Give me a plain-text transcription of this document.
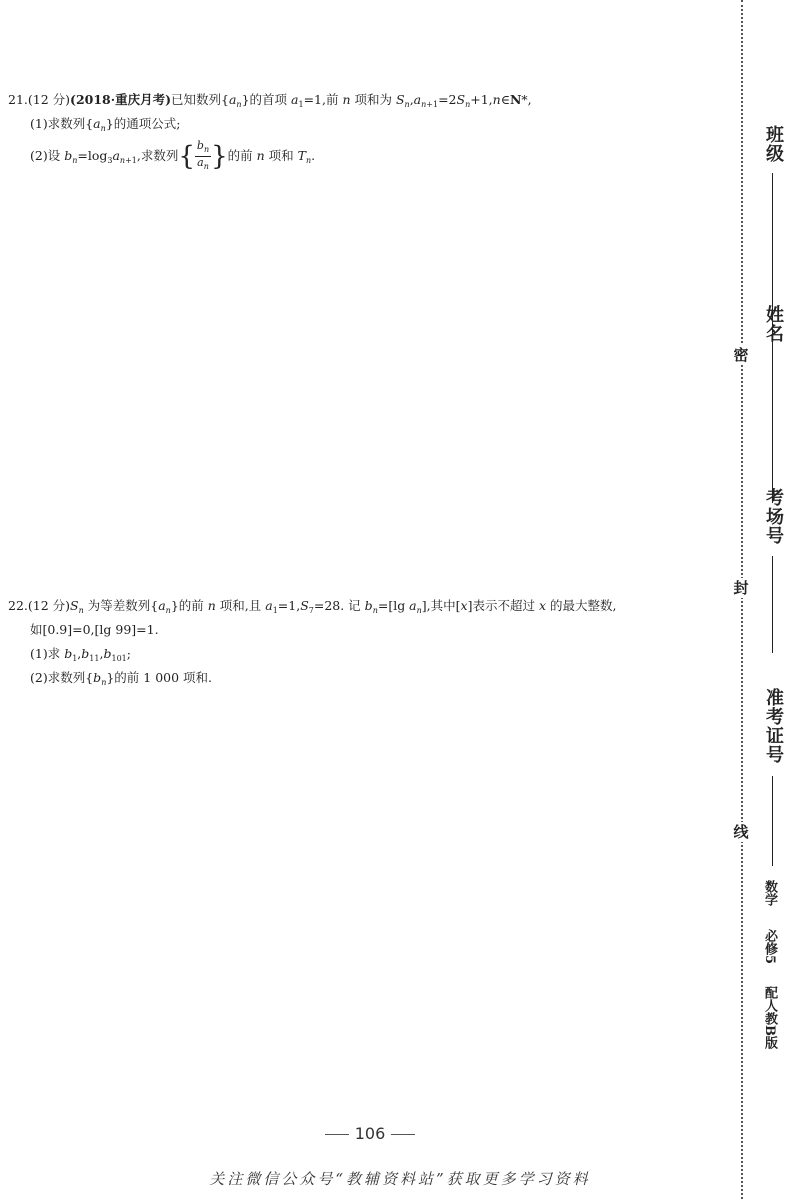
21.(12 分)(2018·重庆月考)已知数列$\{a_n\}$的首项 $a_1=1$,前 n 项和为 $S_n,a_{n+1}=2S_n+1,n\in N*$,
(1)求数列$\{a_n\}$的通项公式;
(2)设 $b_n=\log_3a_{n+1}$,求数列{ $\frac{b_n}{a_n}$ }的前 n 项和 $T_n$.
22.(12 分)$S_n$ 为等差数列$\{a_n\}$的前 n 项和,且 $a_1=1,S_7=28$. 记 $b_n=[\lg$ $a_n$],其中[x]表示不超过 x 的最大整数,
如[0.9]=0,[lg 99]=1.
(1)求 $b_1,b_{11},b_{101}$;
(2)求数列$\{b_n\}$的前 1 000 项和.
密
封
线
班级
姓名
考场号
准考证号
数学 必修5 配人教B版
106
关注微信公众号“教辅资料站”获取更多学习资料
